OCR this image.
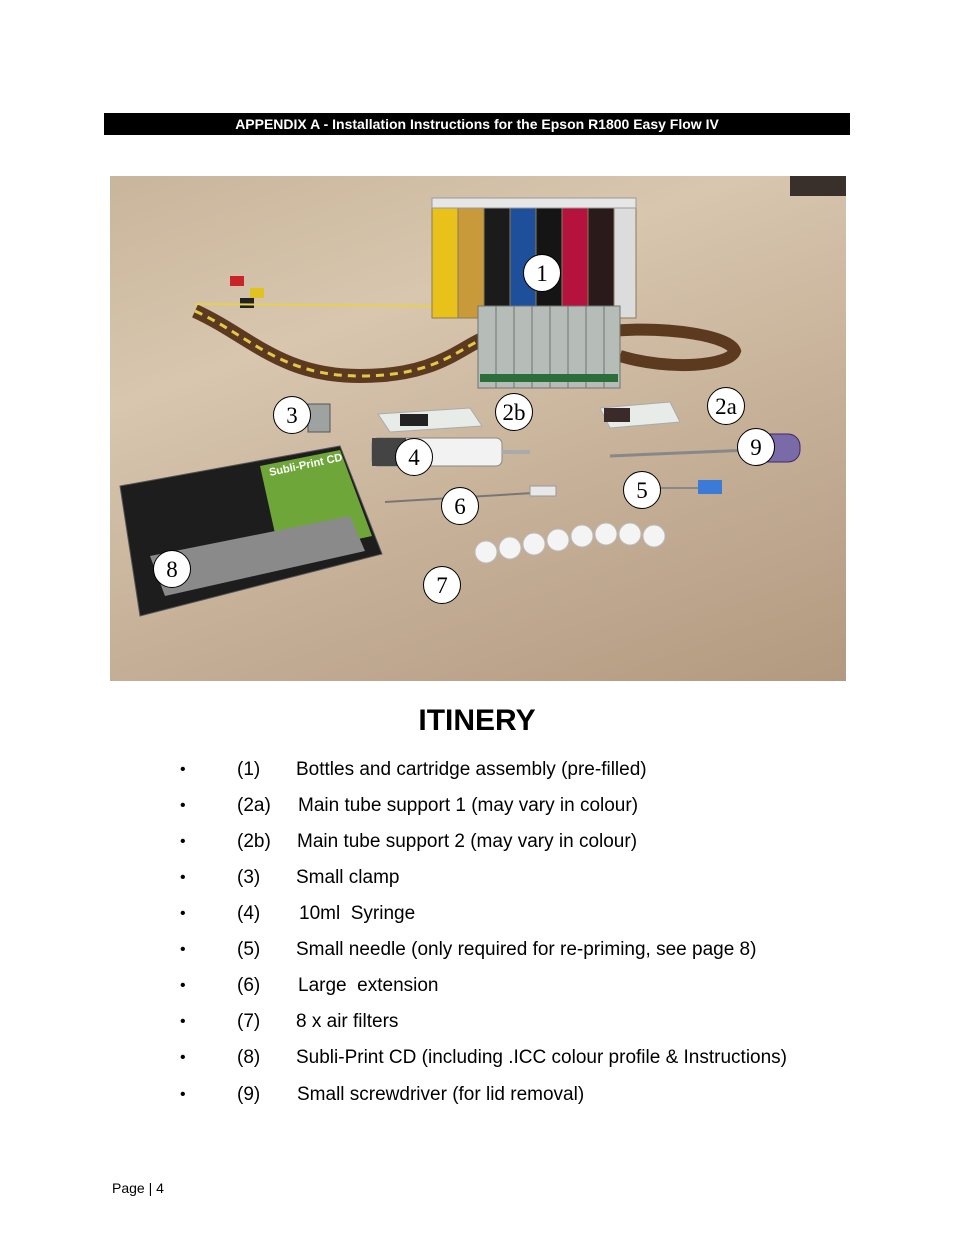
APPENDIX A - Installation Instructions for the Epson R1800 Easy Flow IV
Subli-Print CD
1
2a
2b
3
4
5
6
7
8
9
ITINERY
•	(1) Bottles and cartridge assembly (pre-filled)
•	(2a) Main tube support 1 (may vary in colour)
•	(2b) Main tube support 2 (may vary in colour)
•	(3) Small clamp
•	(4) 10ml  Syringe
•	(5) Small needle (only required for re-priming, see page 8)
•	(6) Large  extension
•	(7) 8 x air filters
•	(8) Subli-Print CD (including .ICC colour profile & Instructions)
•	(9) Small screwdriver (for lid removal)
Page | 4
